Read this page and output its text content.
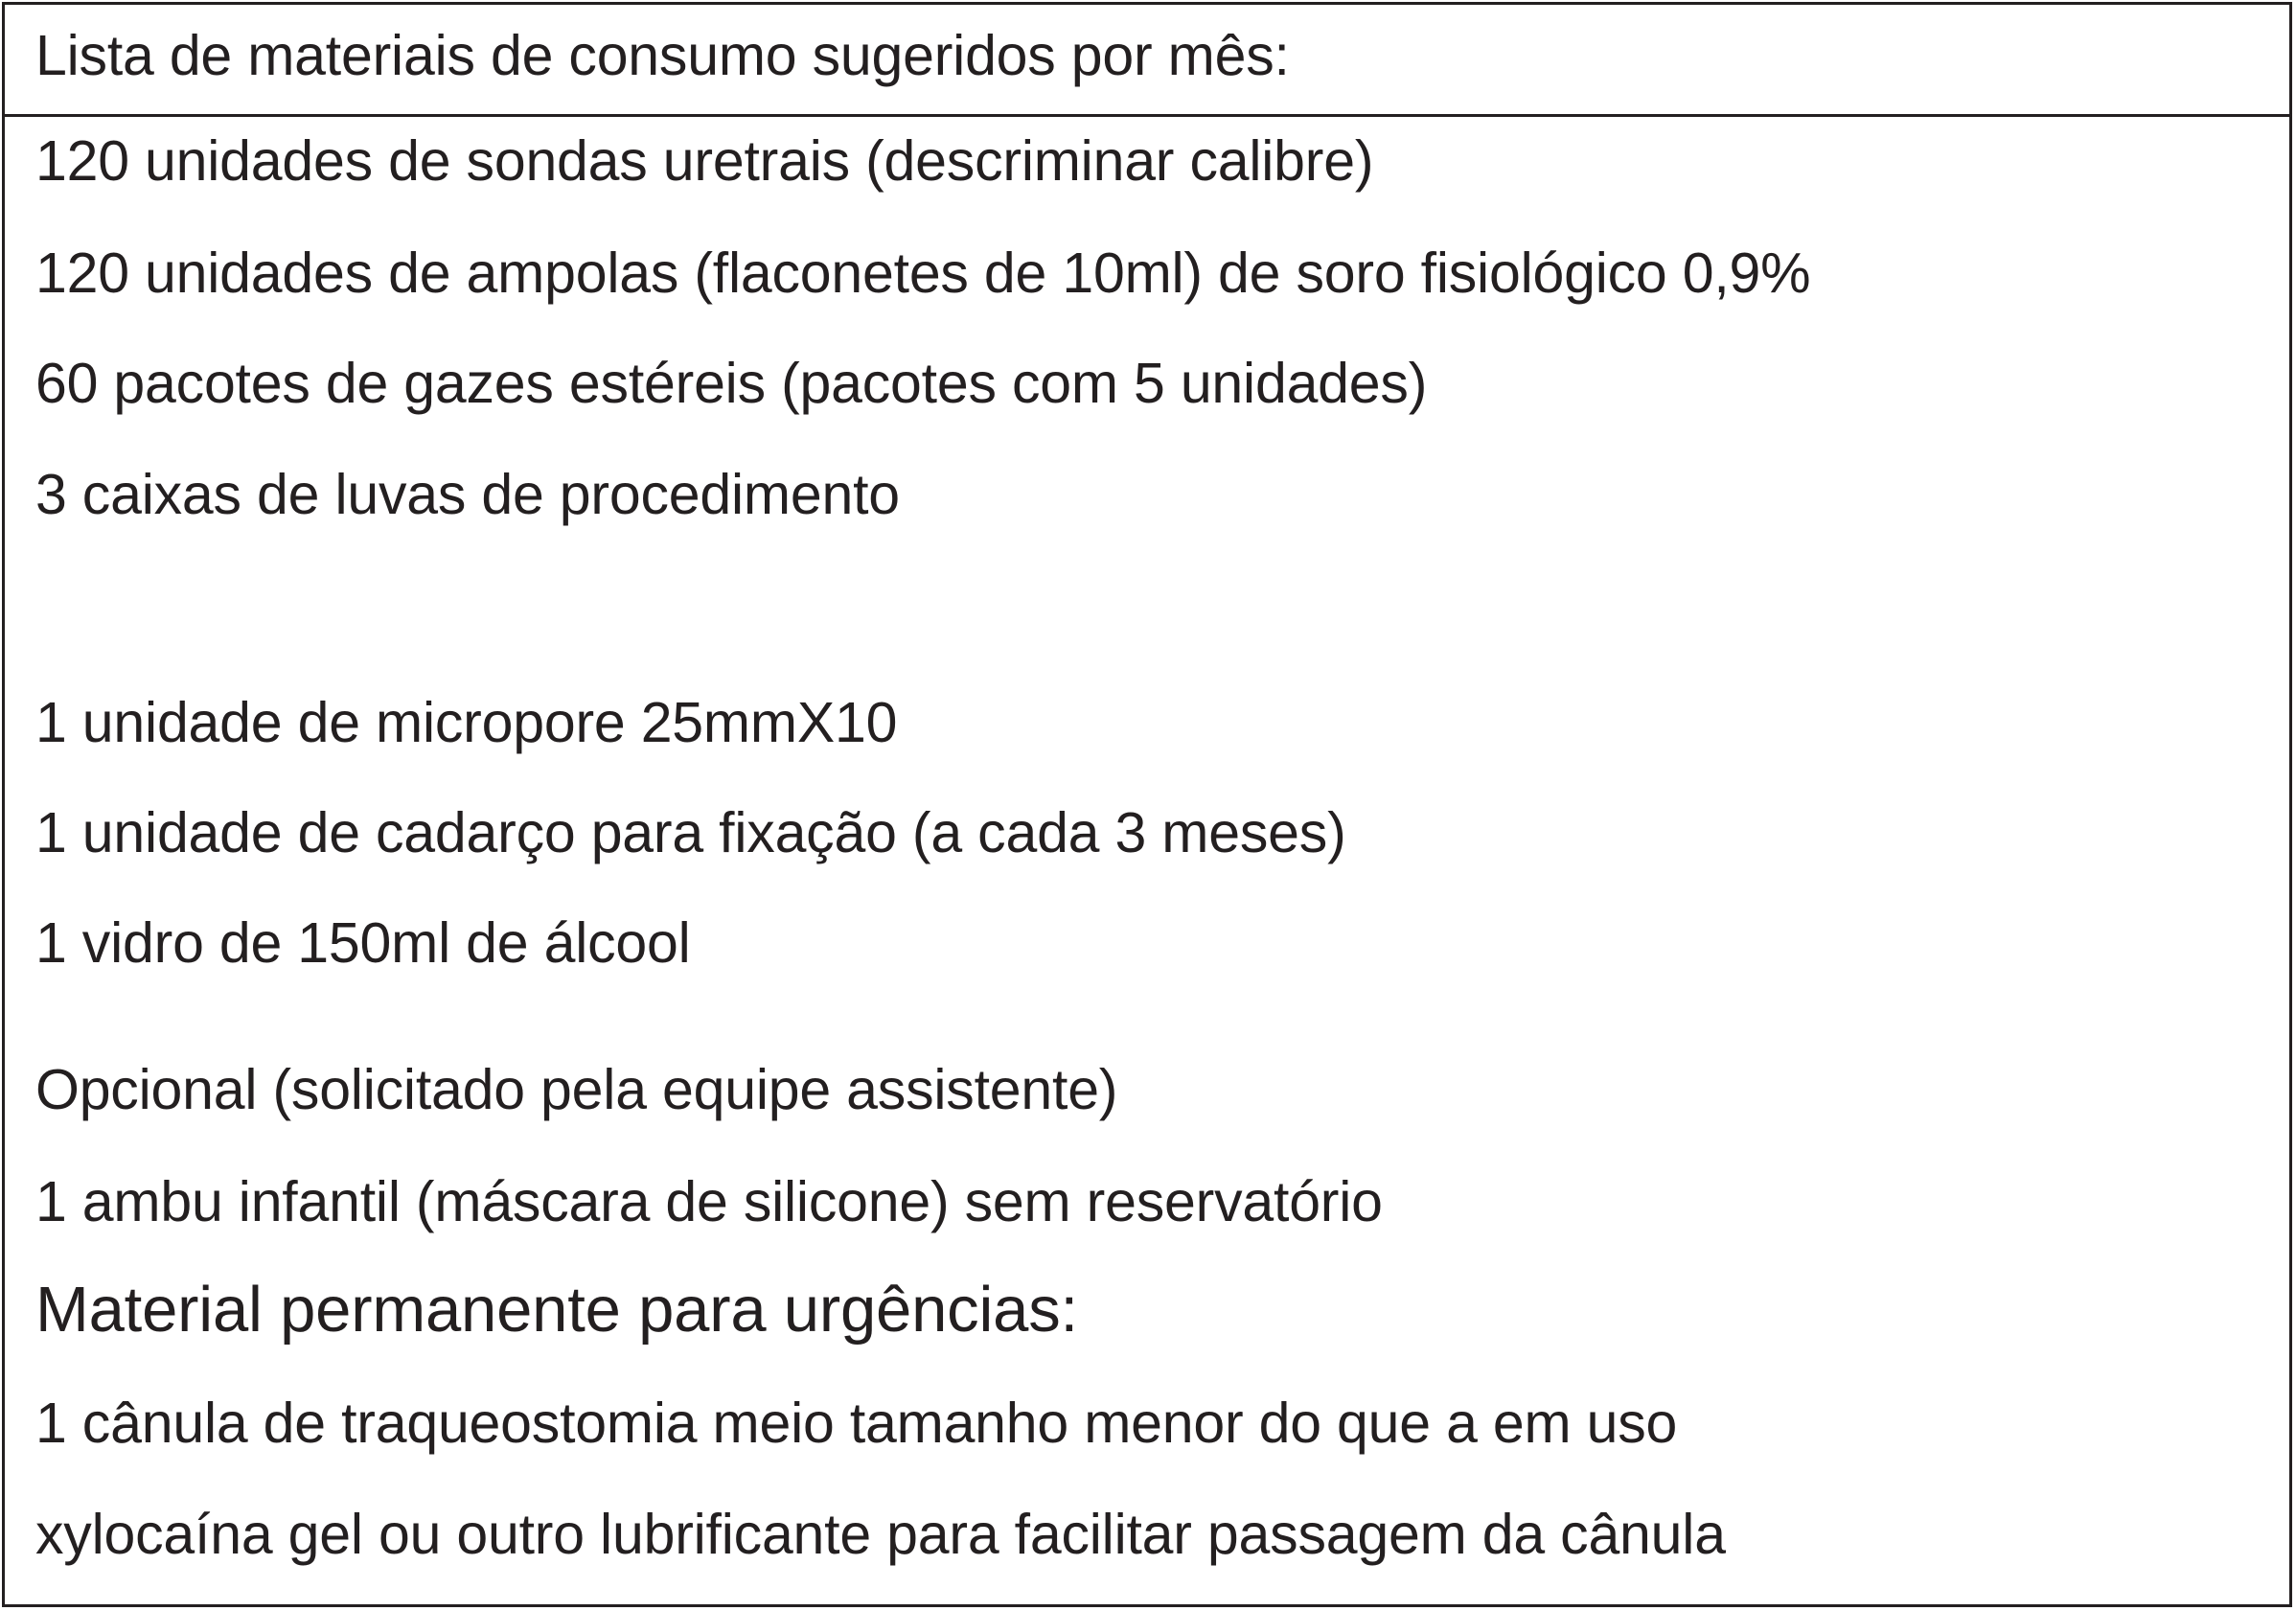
Lista de materiais de consumo sugeridos por mês:
120 unidades de sondas uretrais (descriminar calibre)
120 unidades de ampolas (flaconetes de 10ml) de soro fisiológico 0,9%
60 pacotes de gazes estéreis (pacotes com 5 unidades)
3 caixas de luvas de procedimento
1 unidade de micropore 25mmX10
1 unidade de cadarço para fixação (a cada 3 meses)
1 vidro de 150ml de álcool
Opcional (solicitado pela equipe assistente)
1 ambu infantil (máscara de silicone) sem reservatório
Material permanente para urgências:
1 cânula de traqueostomia meio tamanho menor do que a em uso
xylocaína gel ou outro lubrificante para facilitar passagem da cânula
